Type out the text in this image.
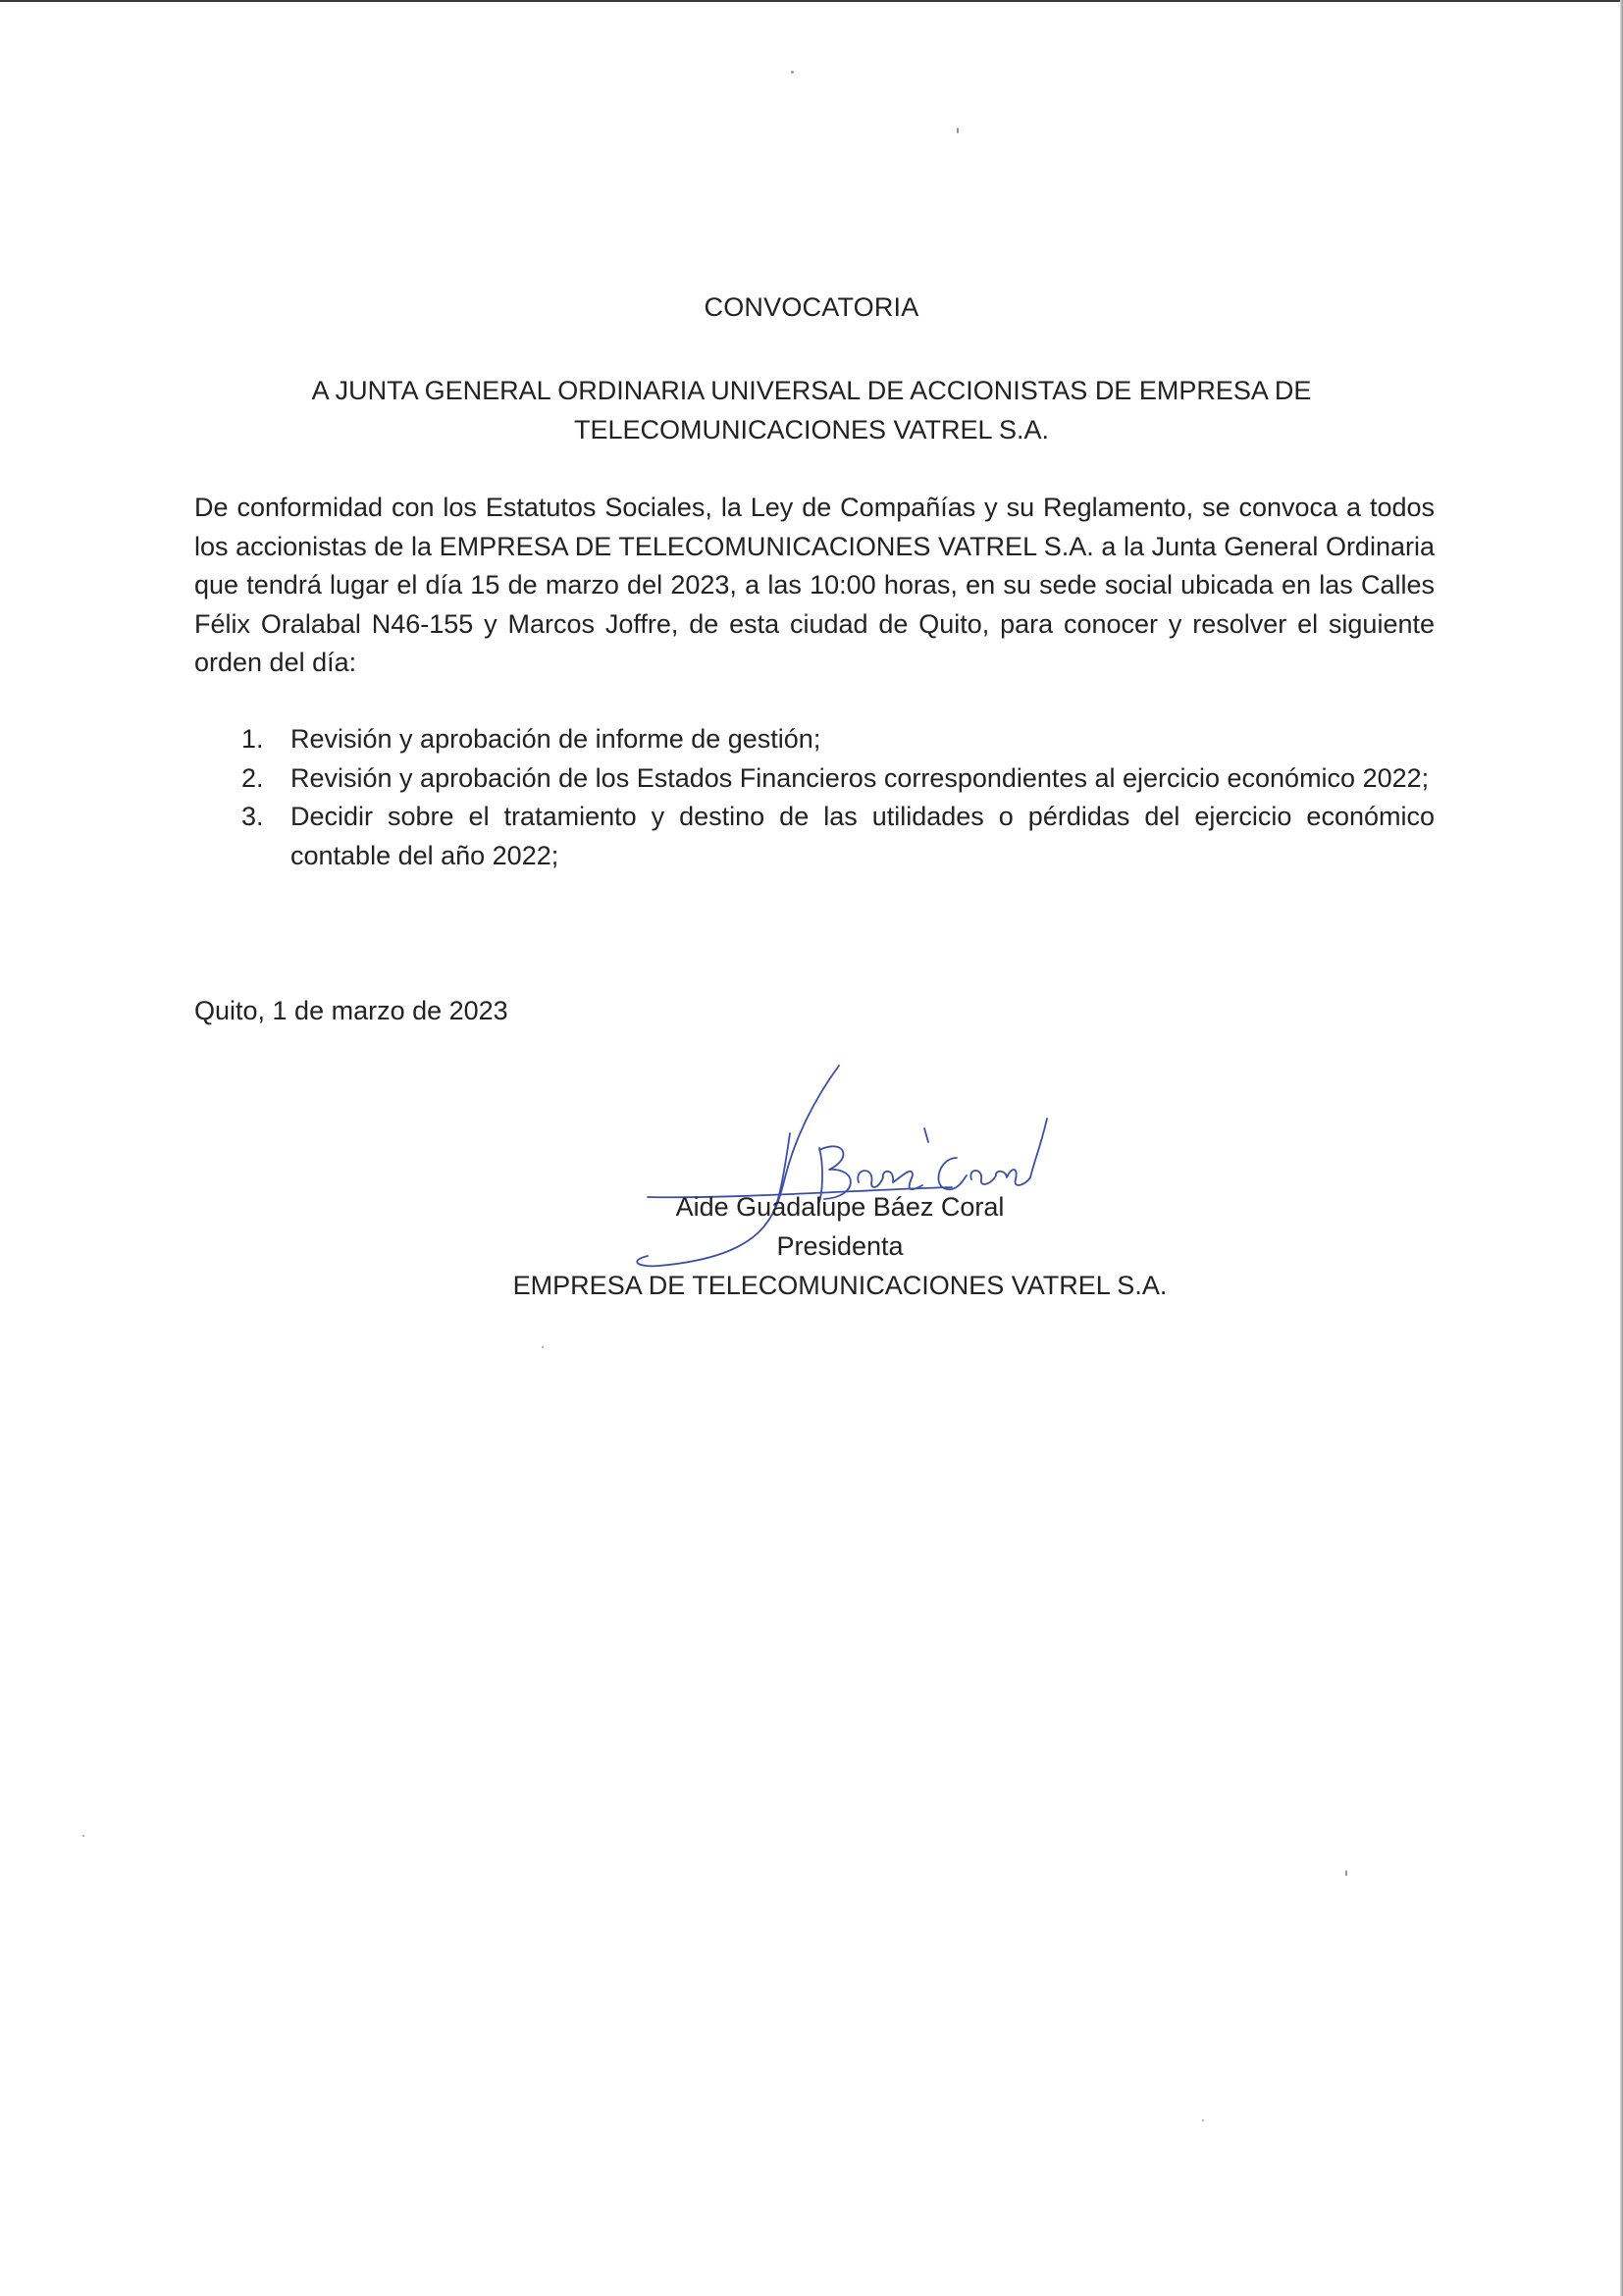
CONVOCATORIA
A JUNTA GENERAL ORDINARIA UNIVERSAL DE ACCIONISTAS DE EMPRESA DE
TELECOMUNICACIONES VATREL S.A.
De conformidad con los Estatutos Sociales, la Ley de Compañías y su Reglamento, se convoca a todos los accionistas de la EMPRESA DE TELECOMUNICACIONES VATREL S.A. a la Junta General Ordinaria que tendrá lugar el día 15 de marzo del 2023, a las 10:00 horas, en su sede social ubicada en las Calles Félix Oralabal N46-155 y Marcos Joffre, de esta ciudad de Quito, para conocer y resolver el siguiente orden del día:
1. Revisión y aprobación de informe de gestión;
2. Revisión y aprobación de los Estados Financieros correspondientes al ejercicio económico 2022;
3. Decidir sobre el tratamiento y destino de las utilidades o pérdidas del ejercicio económico contable del año 2022;
Quito, 1 de marzo de 2023
J Báez Coral
Aide Guadalupe Báez Coral
Presidenta
EMPRESA DE TELECOMUNICACIONES VATREL S.A.
